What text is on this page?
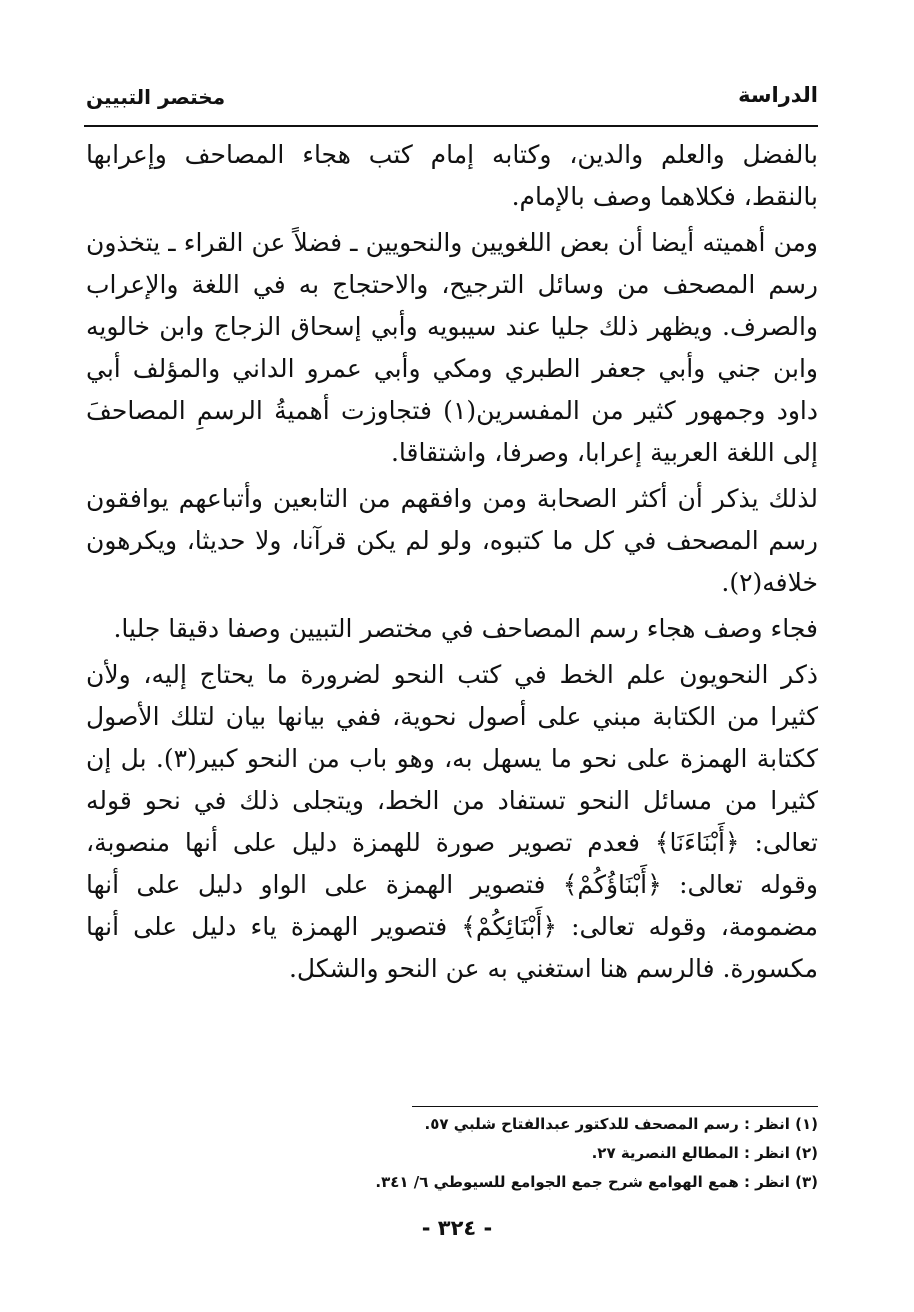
الدراسة
مختصر التبيين

بالفضل والعلم والدين، وكتابه إمام كتب هجاء المصاحف وإعرابها بالنقط، فكلاهما وصف بالإمام.

ومن أهميته أيضا أن بعض اللغويين والنحويين ـ فضلاً عن القراء ـ يتخذون رسم المصحف من وسائل الترجيح، والاحتجاج به في اللغة والإعراب والصرف. ويظهر ذلك جليا عند سيبويه وأبي إسحاق الزجاج وابن خالويه وابن جني وأبي جعفر الطبري ومكي وأبي عمرو الداني والمؤلف أبي داود وجمهور كثير من المفسرين(١) فتجاوزت أهميةُ الرسمِ المصاحفَ إلى اللغة العربية إعرابا، وصرفا، واشتقاقا.

لذلك يذكر أن أكثر الصحابة ومن وافقهم من التابعين وأتباعهم يوافقون رسم المصحف في كل ما كتبوه، ولو لم يكن قرآنا، ولا حديثا، ويكرهون خلافه(٢).

فجاء وصف هجاء رسم المصاحف في مختصر التبيين وصفا دقيقا جليا.

ذكر النحويون علم الخط في كتب النحو لضرورة ما يحتاج إليه، ولأن كثيرا من الكتابة مبني على أصول نحوية، ففي بيانها بيان لتلك الأصول ككتابة الهمزة على نحو ما يسهل به، وهو باب من النحو كبير(٣). بل إن كثيرا من مسائل النحو تستفاد من الخط، ويتجلى ذلك في نحو قوله تعالى: ﴿أَبْنَاءَنَا﴾ فعدم تصوير صورة للهمزة دليل على أنها منصوبة، وقوله تعالى: ﴿أَبْنَاؤُكُمْ﴾ فتصوير الهمزة على الواو دليل على أنها مضمومة، وقوله تعالى: ﴿أَبْنَائِكُمْ﴾ فتصوير الهمزة ياء دليل على أنها مكسورة. فالرسم هنا استغني به عن النحو والشكل.

(١) انظر : رسم المصحف للدكتور عبدالفتاح شلبي ٥٧.
(٢) انظر : المطالع النصرية ٢٧.
(٣) انظر : همع الهوامع شرح جمع الجوامع للسيوطي ٦/ ٣٤١.
- ٣٢٤ -
